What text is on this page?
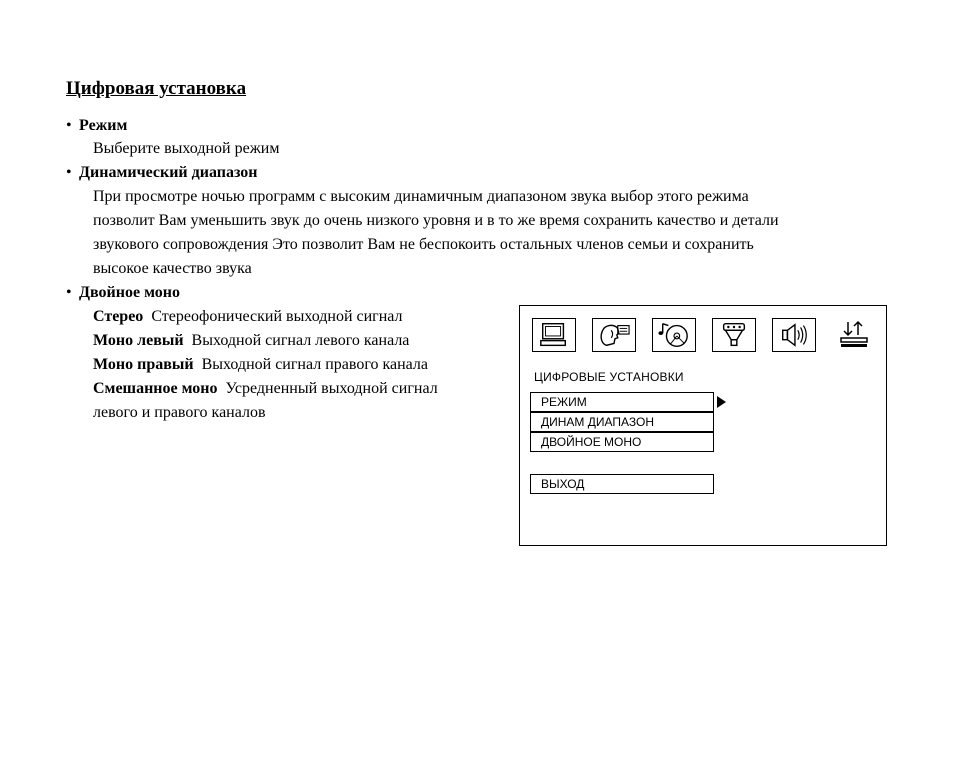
Цифровая установка
• Режим
Выберите выходной режим
• Динамический диапазон
При просмотре ночью программ с высоким динамичным диапазоном звука выбор этого режима
позволит Вам уменьшить звук до очень низкого уровня и в то же время сохранить качество и детали
звукового сопровождения Это позволит Вам не беспокоить остальных членов семьи и сохранить
высокое качество звука
• Двойное моно
Стерео Стереофонический выходной сигнал
Моно левый Выходной сигнал левого канала
Моно правый Выходной сигнал правого канала
Смешанное моно Усредненный выходной сигнал
левого и правого каналов
ЦИФРОВЫЕ УСТАНОВКИ
РЕЖИМ
ДИНАМ ДИАПАЗОН
ДВОЙНОЕ МОНО
ВЫХОД
